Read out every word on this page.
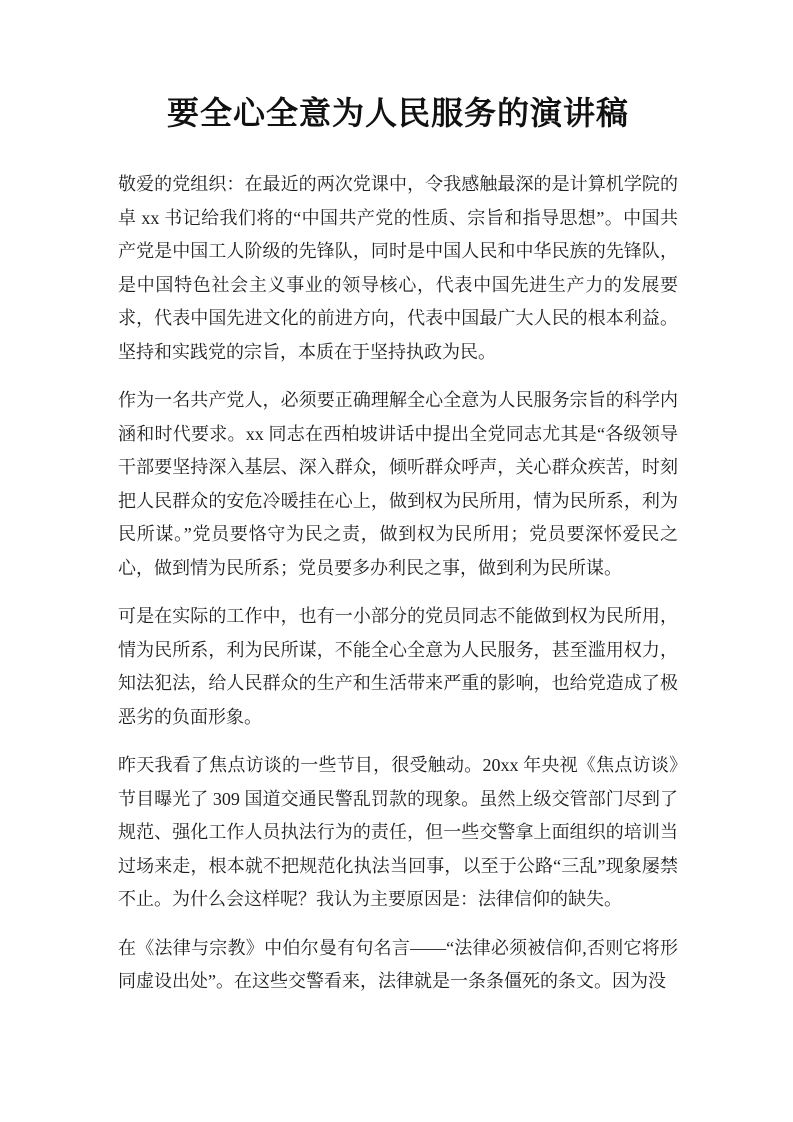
要全心全意为人民服务的演讲稿

敬爱的党组织：在最近的两次党课中，令我感触最深的是计算机学院的卓 xx 书记给我们将的“中国共产党的性质、宗旨和指导思想”。中国共产党是中国工人阶级的先锋队，同时是中国人民和中华民族的先锋队，是中国特色社会主义事业的领导核心，代表中国先进生产力的发展要求，代表中国先进文化的前进方向，代表中国最广大人民的根本利益。坚持和实践党的宗旨，本质在于坚持执政为民。

作为一名共产党人，必须要正确理解全心全意为人民服务宗旨的科学内涵和时代要求。xx 同志在西柏坡讲话中提出全党同志尤其是“各级领导干部要坚持深入基层、深入群众，倾听群众呼声，关心群众疾苦，时刻把人民群众的安危冷暖挂在心上，做到权为民所用，情为民所系，利为民所谋。”党员要恪守为民之责，做到权为民所用；党员要深怀爱民之心，做到情为民所系；党员要多办利民之事，做到利为民所谋。

可是在实际的工作中，也有一小部分的党员同志不能做到权为民所用，情为民所系，利为民所谋，不能全心全意为人民服务，甚至滥用权力，知法犯法，给人民群众的生产和生活带来严重的影响，也给党造成了极恶劣的负面形象。

昨天我看了焦点访谈的一些节目，很受触动。20xx 年央视《焦点访谈》节目曝光了 309 国道交通民警乱罚款的现象。虽然上级交管部门尽到了规范、强化工作人员执法行为的责任，但一些交警拿上面组织的培训当过场来走，根本就不把规范化执法当回事，以至于公路“三乱”现象屡禁不止。为什么会这样呢？我认为主要原因是：法律信仰的缺失。

在《法律与宗教》中伯尔曼有句名言——“法律必须被信仰,否则它将形同虚设出处”。在这些交警看来，法律就是一条条僵死的条文。因为没
